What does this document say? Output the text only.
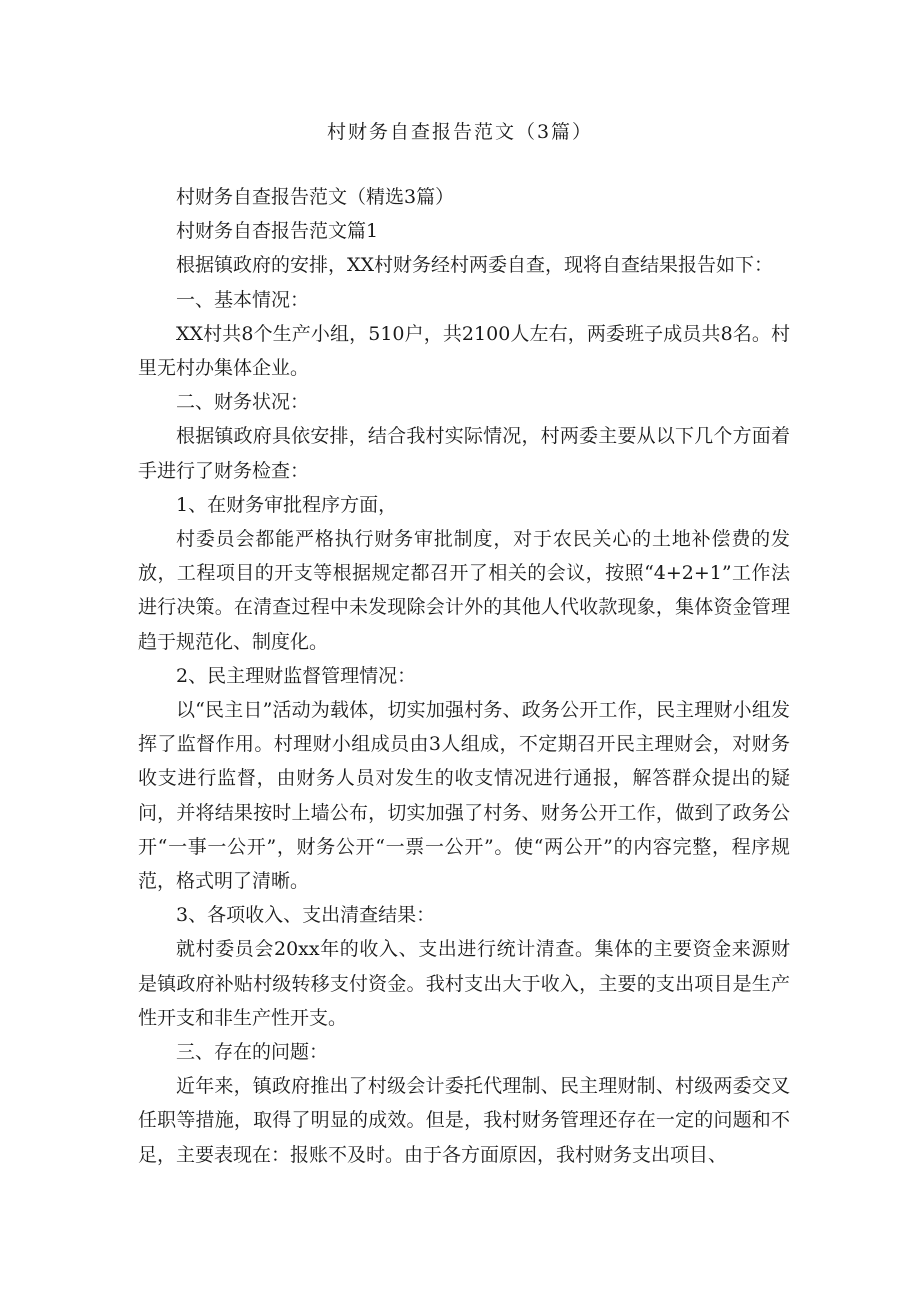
村财务自查报告范文（3篇）

村财务自查报告范文（精选3篇）

村财务自杳报告范文篇1

根据镇政府的安排，XX村财务经村两委自查，现将自查结果报告如下：

一、基本情况：

XX村共8个生产小组，510户，共2100人左右，两委班子成员共8名。村里无村办集体企业。

二、财务状况：

根据镇政府具依安排，结合我村实际情况，村两委主要从以下几个方面着手进行了财务检查：

1、在财务审批程序方面，

村委员会都能严格执行财务审批制度，对于农民关心的土地补偿费的发放，工程项目的开支等根据规定都召开了相关的会议，按照“4+2+1”工作法进行决策。在清查过程中未发现除会计外的其他人代收款现象，集体资金管理趋于规范化、制度化。

2、民主理财监督管理情况：

以“民主日”活动为载体，切实加强村务、政务公开工作，民主理财小组发挥了监督作用。村理财小组成员由3人组成，不定期召开民主理财会，对财务收支进行监督，由财务人员对发生的收支情况进行通报，解答群众提出的疑问，并将结果按时上墙公布，切实加强了村务、财务公开工作，做到了政务公开“一事一公开”，财务公开“一票一公开”。使“两公开”的内容完整，程序规范，格式明了清晰。

3、各项收入、支出清查结果：

就村委员会20xx年的收入、支出进行统计清查。集体的主要资金来源财是镇政府补贴村级转移支付资金。我村支出大于收入，主要的支出项目是生产性开支和非生产性开支。

三、存在的问题：

近年来，镇政府推出了村级会计委托代理制、民主理财制、村级两委交叉任职等措施，取得了明显的成效。但是，我村财务管理还存在一定的问题和不足，主要表现在：报账不及时。由于各方面原因，我村财务支出项目、
